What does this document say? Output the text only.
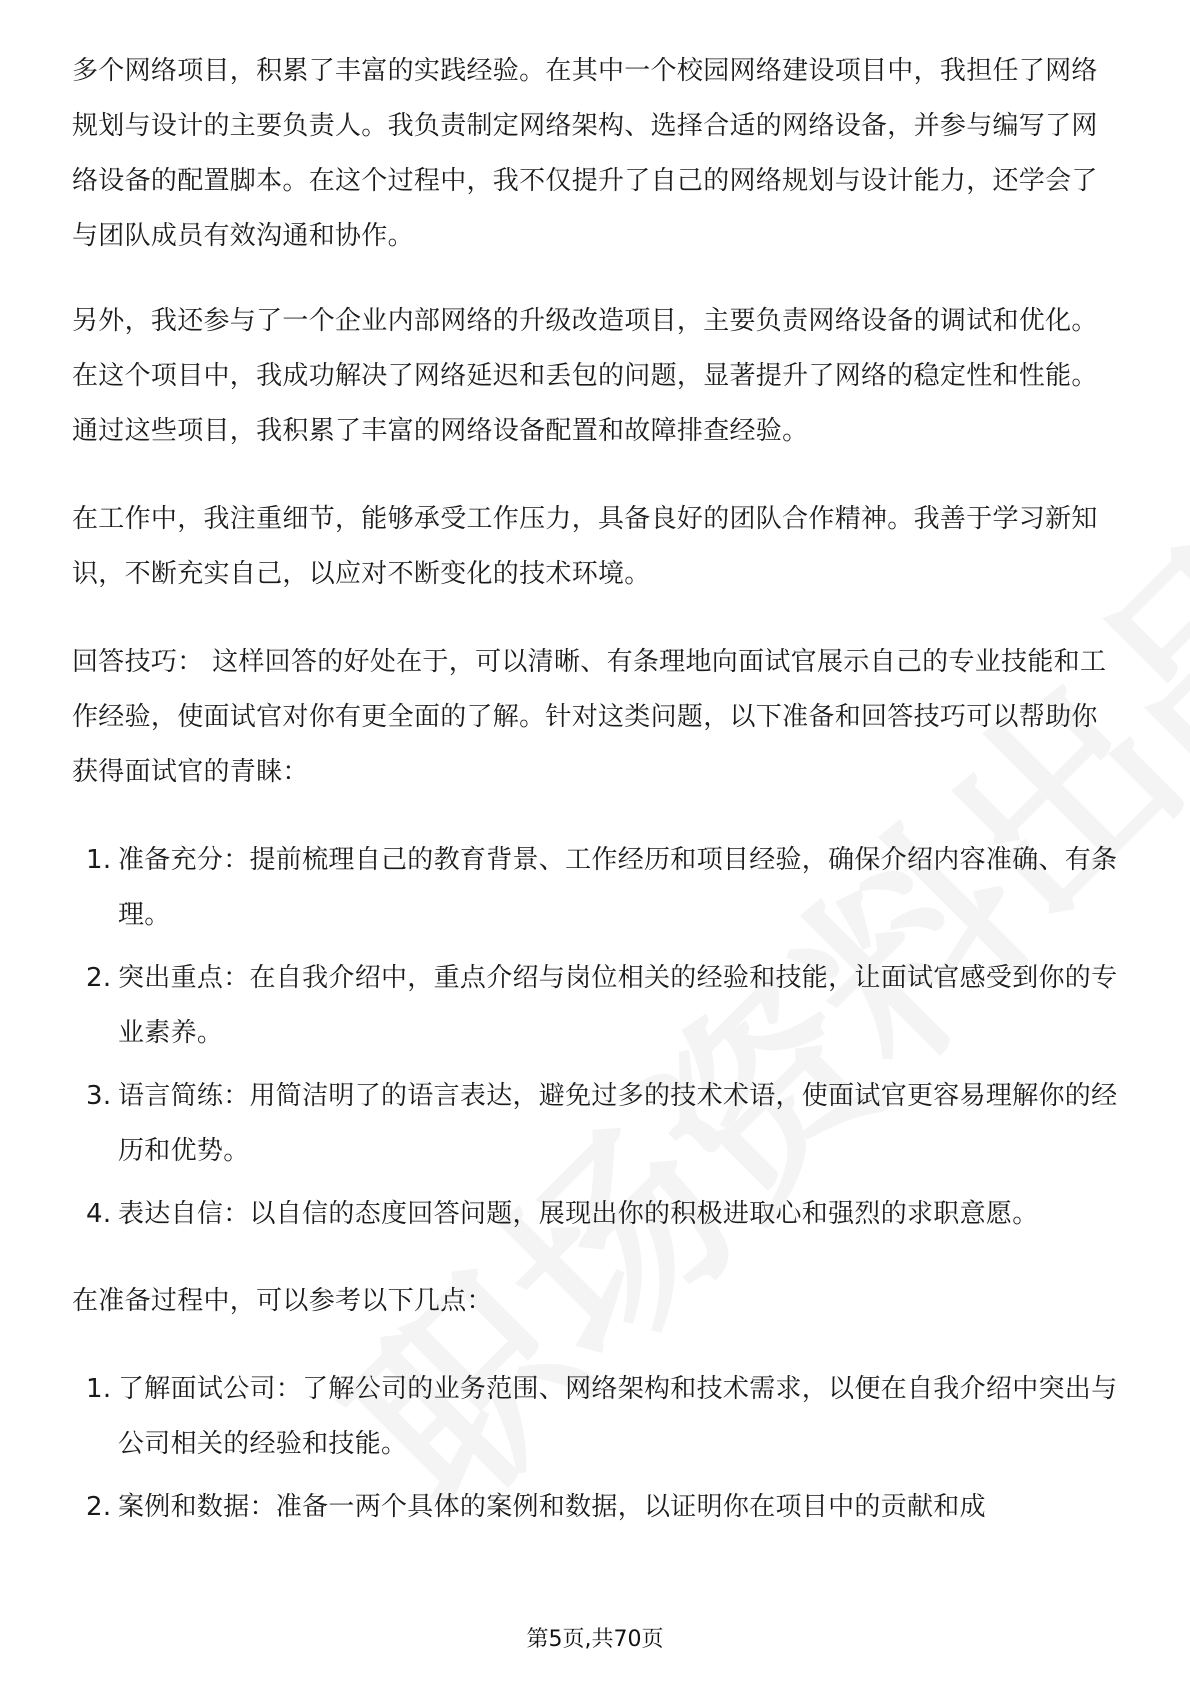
多个网络项目，积累了丰富的实践经验。在其中一个校园网络建设项目中，我担任了网络规划与设计的主要负责人。我负责制定网络架构、选择合适的网络设备，并参与编写了网络设备的配置脚本。在这个过程中，我不仅提升了自己的网络规划与设计能力，还学会了与团队成员有效沟通和协作。

另外，我还参与了一个企业内部网络的升级改造项目，主要负责网络设备的调试和优化。在这个项目中，我成功解决了网络延迟和丢包的问题，显著提升了网络的稳定性和性能。通过这些项目，我积累了丰富的网络设备配置和故障排查经验。

在工作中，我注重细节，能够承受工作压力，具备良好的团队合作精神。我善于学习新知识，不断充实自己，以应对不断变化的技术环境。

回答技巧： 这样回答的好处在于，可以清晰、有条理地向面试官展示自己的专业技能和工作经验，使面试官对你有更全面的了解。针对这类问题，以下准备和回答技巧可以帮助你获得面试官的青睐：

1. 准备充分：提前梳理自己的教育背景、工作经历和项目经验，确保介绍内容准确、有条理。
2. 突出重点：在自我介绍中，重点介绍与岗位相关的经验和技能，让面试官感受到你的专业素养。
3. 语言简练：用简洁明了的语言表达，避免过多的技术术语，使面试官更容易理解你的经历和优势。
4. 表达自信：以自信的态度回答问题，展现出你的积极进取心和强烈的求职意愿。

在准备过程中，可以参考以下几点：

1. 了解面试公司：了解公司的业务范围、网络架构和技术需求，以便在自我介绍中突出与公司相关的经验和技能。
2. 案例和数据：准备一两个具体的案例和数据，以证明你在项目中的贡献和成
第5页,共70页
